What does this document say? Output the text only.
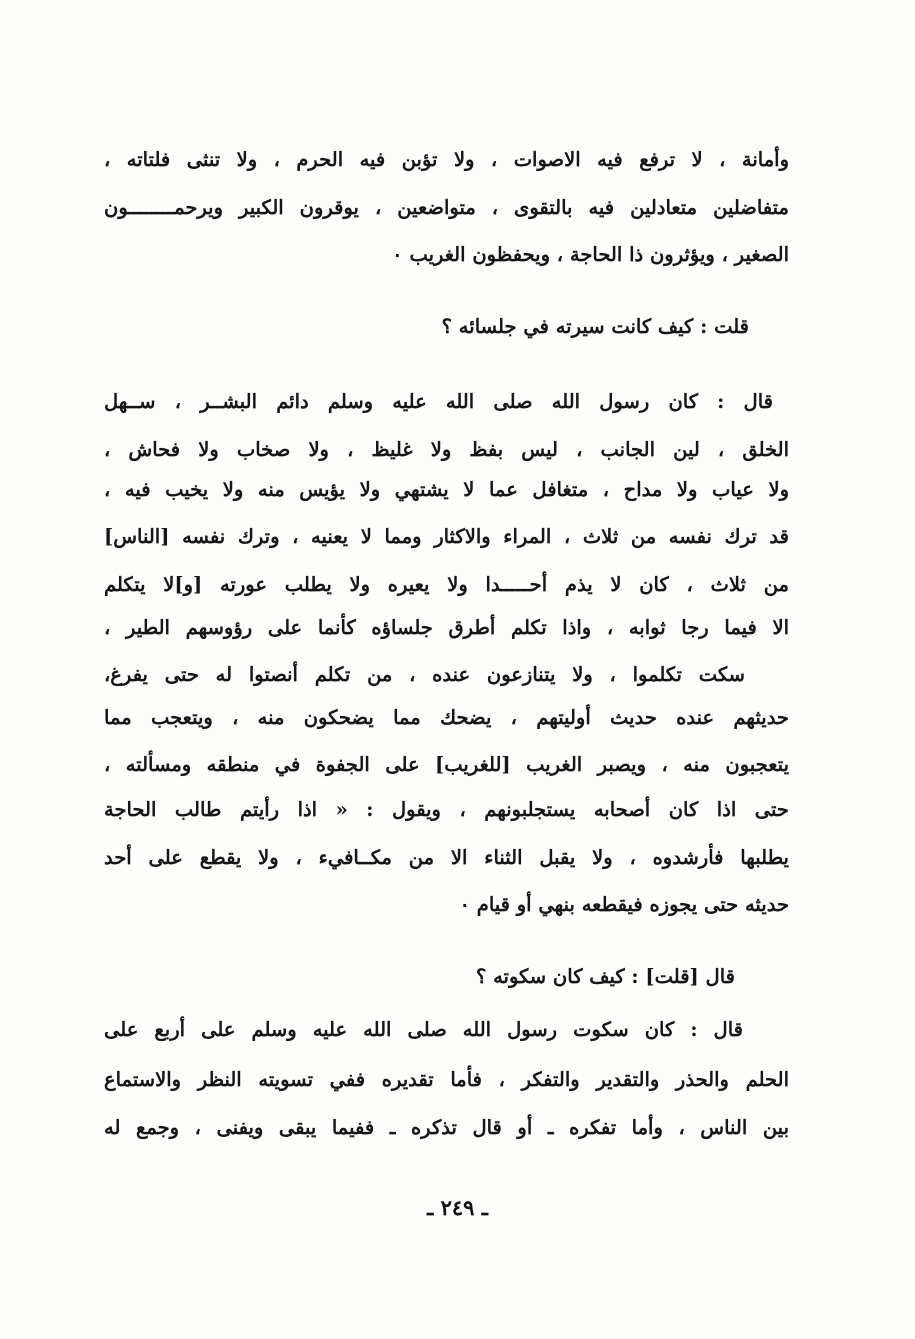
وأمانة ، لا ترفع فيه الاصوات ، ولا تؤبن فيه الحرم ، ولا تنثى فلتاته ،
متفاضلين متعادلين فيه بالتقوى ، متواضعين ، يوقرون الكبير ويرحمــــــــون
الصغير ، ويؤثرون ذا الحاجة ، ويحفظون الغريب ٠
قلت : كيف كانت سيرته في جلسائه ؟
قال : كان رسول الله صلى الله عليه وسلم دائم البشــر ، ســهل
الخلق ، لين الجانب ، ليس بفظ ولا غليظ ، ولا صخاب ولا فحاش ،
ولا عياب ولا مداح ، متغافل عما لا يشتهي ولا يؤيس منه ولا يخيب فيه ،
قد ترك نفسه من ثلاث ، المراء والاكثار ومما لا يعنيه ، وترك نفسه [الناس]
من ثلاث ، كان لا يذم أحـــــدا ولا يعيره ولا يطلب عورته [و]لا يتكلم
الا فيما رجا ثوابه ، واذا تكلم أطرق جلساؤه كأنما على رؤوسهم الطير ،
سكت تكلموا ، ولا يتنازعون عنده ، من تكلم أنصتوا له حتى يفرغ،
حديثهم عنده حديث أوليتهم ، يضحك مما يضحكون منه ، ويتعجب مما
يتعجبون منه ، ويصبر الغريب [للغريب] على الجفوة في منطقه ومسألته ،
حتى اذا كان أصحابه يستجلبونهم ، ويقول : « اذا رأيتم طالب الحاجة
يطلبها فأرشدوه ، ولا يقبل الثناء الا من مكــافيء ، ولا يقطع على أحد
حديثه حتى يجوزه فيقطعه بنهي أو قيام ٠
قال [قلت] : كيف كان سكوته ؟
قال : كان سكوت رسول الله صلى الله عليه وسلم على أربع على
الحلم والحذر والتقدير والتفكر ، فأما تقديره ففي تسويته النظر والاستماع
بين الناس ، وأما تفكره ـ أو قال تذكره ـ ففيما يبقى ويفنى ، وجمع له
ـ ٢٤٩ ـ
